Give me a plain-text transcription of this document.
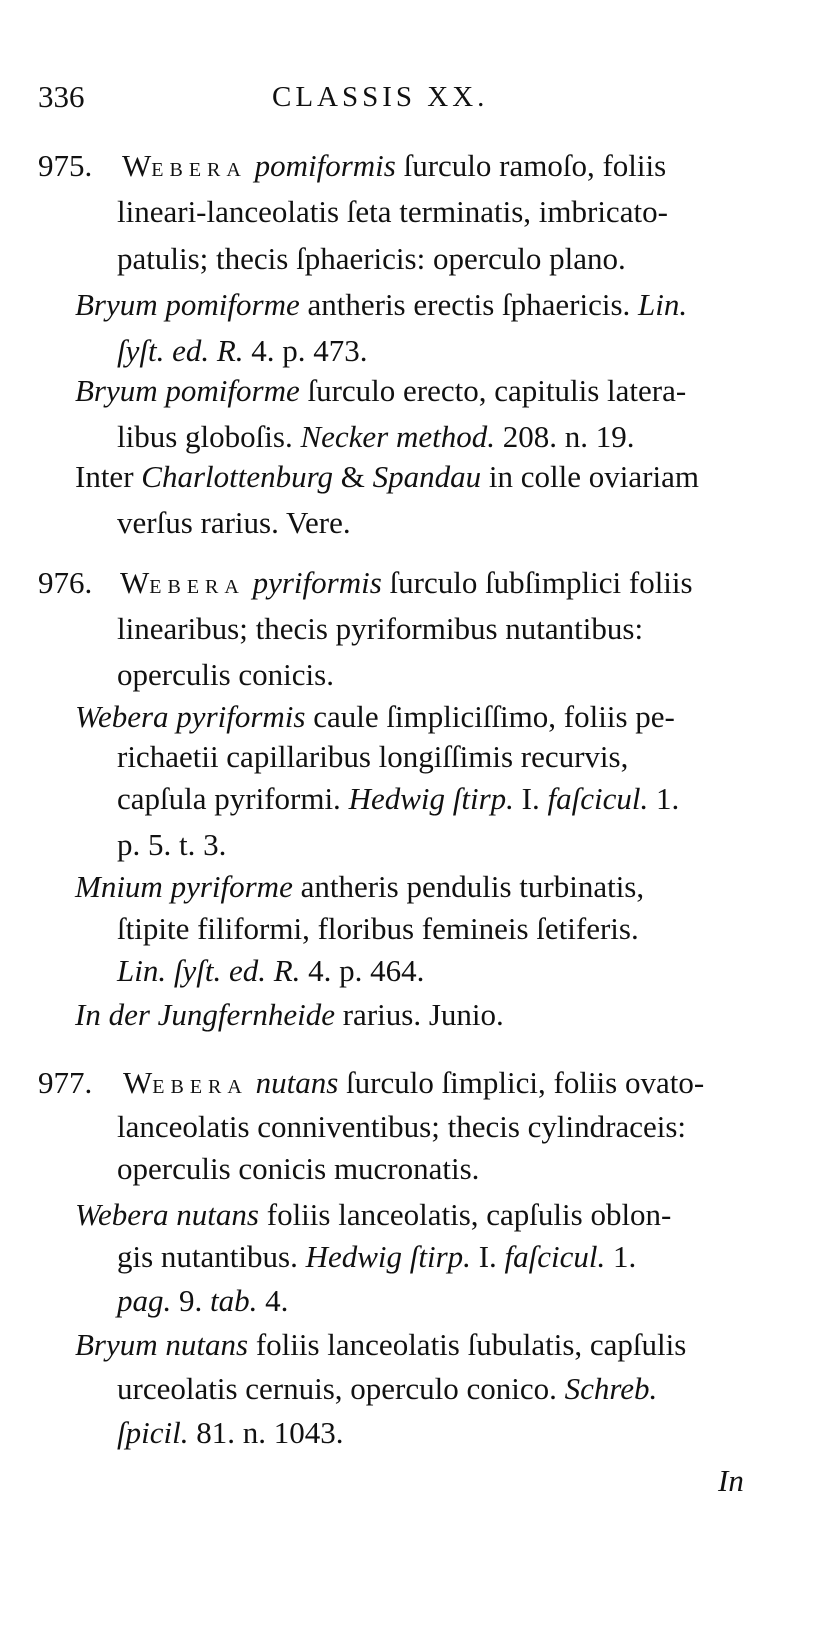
336	CLASSIS XX.
975. WEBERA pomiformis ſurculo ramoſo, foliis
lineari-lanceolatis ſeta terminatis, imbricato-
patulis; thecis ſphaericis: operculo plano.
Bryum pomiforme antheris erectis ſphaericis. Lin.
ſyſt. ed. R. 4. p. 473.
Bryum pomiforme ſurculo erecto, capitulis latera-
libus globoſis. Necker method. 208. n. 19.
Inter Charlottenburg & Spandau in colle oviariam
verſus rarius. Vere.
976. WEBERA pyriformis ſurculo ſubſimplici foliis
linearibus; thecis pyriformibus nutantibus:
operculis conicis.
Webera pyriformis caule ſimpliciſſimo, foliis pe-
richaetii capillaribus longiſſimis recurvis,
capſula pyriformi. Hedwig ſtirp. I. faſcicul. 1.
p. 5. t. 3.
Mnium pyriforme antheris pendulis turbinatis,
ſtipite filiformi, floribus femineis ſetiferis.
Lin. ſyſt. ed. R. 4. p. 464.
In der Jungfernheide rarius. Junio.
977. WEBERA nutans ſurculo ſimplici, foliis ovato-
lanceolatis conniventibus; thecis cylindraceis:
operculis conicis mucronatis.
Webera nutans foliis lanceolatis, capſulis oblon-
gis nutantibus. Hedwig ſtirp. I. faſcicul. 1.
pag. 9. tab. 4.
Bryum nutans foliis lanceolatis ſubulatis, capſulis
urceolatis cernuis, operculo conico. Schreb.
ſpicil. 81. n. 1043.
In
